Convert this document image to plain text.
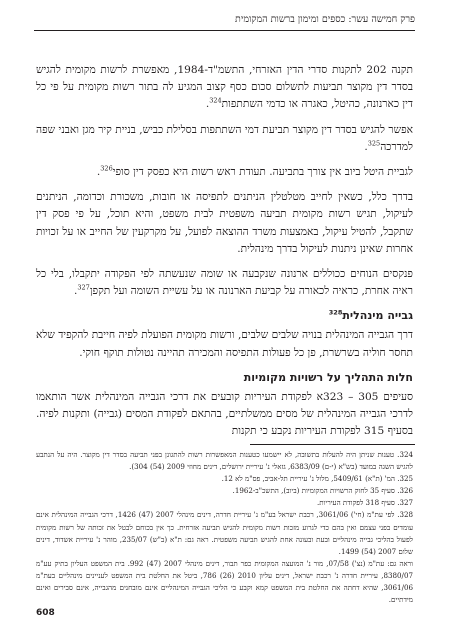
פרק חמישה עשר: כספים ומימון ברשות המקומית

תקנה 202 לתקנות סדרי הדין האזרחי, התשמ"ד-1984, מאפשרת לרשות מקומית להגיש בסדר דין מקוצר תביעות לתשלום סכום כסף קצוב המגיע לה בתור רשות מקומית על פי כל דין כארנונה, כהיטל, כאגרה או כדמי השתתפות$^{324}$.

אפשר להגיש בסדר דין מקוצר תביעת דמי השתתפות בסלילת כביש, בניית קיר מגן ואבני שפה למדרכה$^{325}$.

לגביית היטל ביוב אין צורך בתביעה. תעודת ראש רשות היא כפסק דין סופי$^{326}$.

בדרך כלל, כשאין לחייב מטלטלין הניתנים לתפיסה או חובות, משכורת וכדומה, הניתנים לעיקול, תגיש רשות מקומית תביעה משפטית לבית משפט, והיא תוכל, על פי פסק דין שתקבל, להטיל עיקול, באמצעות משרד ההוצאה לפועל, על מקרקעין של החייב או על זכויות אחרות שאינן ניתנות לעיקול בדרך מינהלית.

פנקסים הנוחים ככוללים ארנונה שנקבעה או שומה שנעשתה לפי הפקודה יתקבלו, בלי כל ראיה אחרת, כראיה לכאורה על קביעת הארנונה או על עשיית השומה ועל תקפן$^{327}$.

גבייה מינהלית$^{328}$

דרך הגבייה המינהלית בנויה שלבים שלבים, ורשות מקומית הפועלת לפיה חייבת להקפיד שלא תחסר חוליה בשרשרת, פן כל פעולות התפיסה והמכירה תהיינה נטולות תוקף חוקי.

חלות התהליך על רשויות מקומיות

סעיפים 305 – 323א לפקודת העיריות קובעים את דרכי הגבייה המינהלית אשר הותאמו לדרכי הגבייה המינהלית של מסים ממשלתיים, בהתאם לפקודת המסים (גבייה) ותקנות לפיה. בסעיף 315 לפקודת העיריות נקבע כי תקנות

324. טענות שניתן היה להעלות בתשובה, לא יישמעו כטענות המאפשרות רשות להתגונן בפני תביעה בסדר דין מקוצר. היה על הנתבע להגיש השגה במועד (בש"א (י-ם) 6383/09, גזאלי נ' עיריית ירושלים, דינים מחוזי 2009 (54) 304).

325. המ' (ת"א) 5409/61, מלול נ' עיריית תל-אביב, פס"מ לא 12.

326. סעיף 35 לחוק הרשויות המקומיות (ביוב), התשכ"ב-1962.

327. סעיף 318 לפקודת העיריות.

328. לפי עת"מ (חי') 3061/06, רכבת ישראל בע"מ נ' עיריית חדרה, דינים מינהלי 2007 (47) 1426, דרכי הגבייה המינהלית אינם עומדים בפני עצמם ואין בהם כדי לגרוע מזכות רשות מקומית להגיש תביעה אזרחית. כך אין בכוחם לבטל את זכותה של רשות מקומית לפעול בהליכי גבייה מינהליים ובעת ובעונה אחת להגיש תביעה משפטית. ראה גם: ת"א (ב"ש) 235/07, מוהר נ' עיריית אשדוד, דינים שלום 2007 (54) 1499.

וראה גם: עת"מ (נצ') 07/58, מור נ' המועצה המקומית כפר תבור, דינים מינהלי 2007 (47) 992. בית המשפט העליון בתיק עע"מ 8380/07, עיריית חדרה נ' רכבת ישראל, דינים עליון 2010 (26) 786, ביטל את החלטת בית המשפט לעניינים מינהליים בעת"מ 3061/06, שהיא דחתה את החלטת בית המשפט קמא וקבע כי הליכי הגבייה המינהליים אינם מובחנים מהגבייה, אינם סבירים ואינם מידתיים.

608
